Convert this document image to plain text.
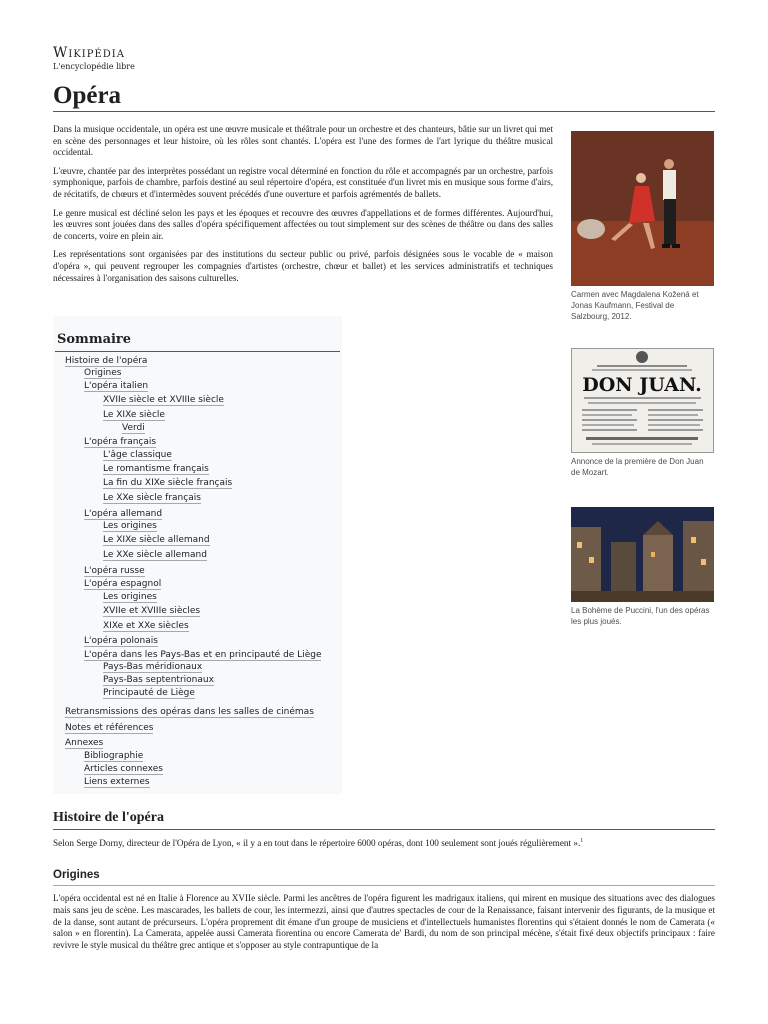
Wikipédia
L'encyclopédie libre
Opéra

Dans la musique occidentale, un opéra est une œuvre musicale et théâtrale pour un orchestre et des chanteurs, bâtie sur un livret qui met en scène des personnages et leur histoire, où les rôles sont chantés. L'opéra est l'une des formes de l'art lyrique du théâtre musical occidental.

L'œuvre, chantée par des interprètes possédant un registre vocal déterminé en fonction du rôle et accompagnés par un orchestre, parfois symphonique, parfois de chambre, parfois destiné au seul répertoire d'opéra, est constituée d'un livret mis en musique sous forme d'airs, de récitatifs, de chœurs et d'intermèdes souvent précédés d'une ouverture et parfois agrémentés de ballets.

Le genre musical est décliné selon les pays et les époques et recouvre des œuvres d'appellations et de formes différentes. Aujourd'hui, les œuvres sont jouées dans des salles d'opéra spécifiquement affectées ou tout simplement sur des scènes de théâtre ou dans des salles de concerts, voire en plein air.

Les représentations sont organisées par des institutions du secteur public ou privé, parfois désignées sous le vocable de « maison d'opéra », qui peuvent regrouper les compagnies d'artistes (orchestre, chœur et ballet) et les services administratifs et techniques nécessaires à l'organisation des saisons culturelles.

Carmen avec Magdalena Kožená et Jonas Kaufmann, Festival de Salzbourg, 2012.
DON JUAN.
Annonce de la première de Don Juan de Mozart.
La Bohème de Puccini, l'un des opéras les plus joués.
Sommaire
Histoire de l'opéra
Origines
L'opéra italien
XVIIe siècle et XVIIIe siècle
Le XIXe siècle
Verdi
L'opéra français
L'âge classique
Le romantisme français
La fin du XIXe siècle français
Le XXe siècle français
L'opéra allemand
Les origines
Le XIXe siècle allemand
Le XXe siècle allemand
L'opéra russe
L'opéra espagnol
Les origines
XVIIe et XVIIIe siècles
XIXe et XXe siècles
L'opéra polonais
L'opéra dans les Pays-Bas et en principauté de Liège
Pays-Bas méridionaux
Pays-Bas septentrionaux
Principauté de Liège
Retransmissions des opéras dans les salles de cinémas
Notes et références
Annexes
Bibliographie
Articles connexes
Liens externes
Histoire de l'opéra
Selon Serge Dorny, directeur de l'Opéra de Lyon, « il y a en tout dans le répertoire 6000 opéras, dont 100 seulement sont joués régulièrement ».$^1$
Origines
L'opéra occidental est né en Italie à Florence au XVIIe siècle. Parmi les ancêtres de l'opéra figurent les madrigaux italiens, qui mirent en musique des situations avec des dialogues mais sans jeu de scène. Les mascarades, les ballets de cour, les intermezzi, ainsi que d'autres spectacles de cour de la Renaissance, faisant intervenir des figurants, de la musique et de la danse, sont autant de précurseurs. L'opéra proprement dit émane d'un groupe de musiciens et d'intellectuels humanistes florentins qui s'étaient donnés le nom de Camerata (« salon » en florentin). La Camerata, appelée aussi Camerata fiorentina ou encore Camerata de' Bardi, du nom de son principal mécène, s'était fixé deux objectifs principaux : faire revivre le style musical du théâtre grec antique et s'opposer au style contrapuntique de la
